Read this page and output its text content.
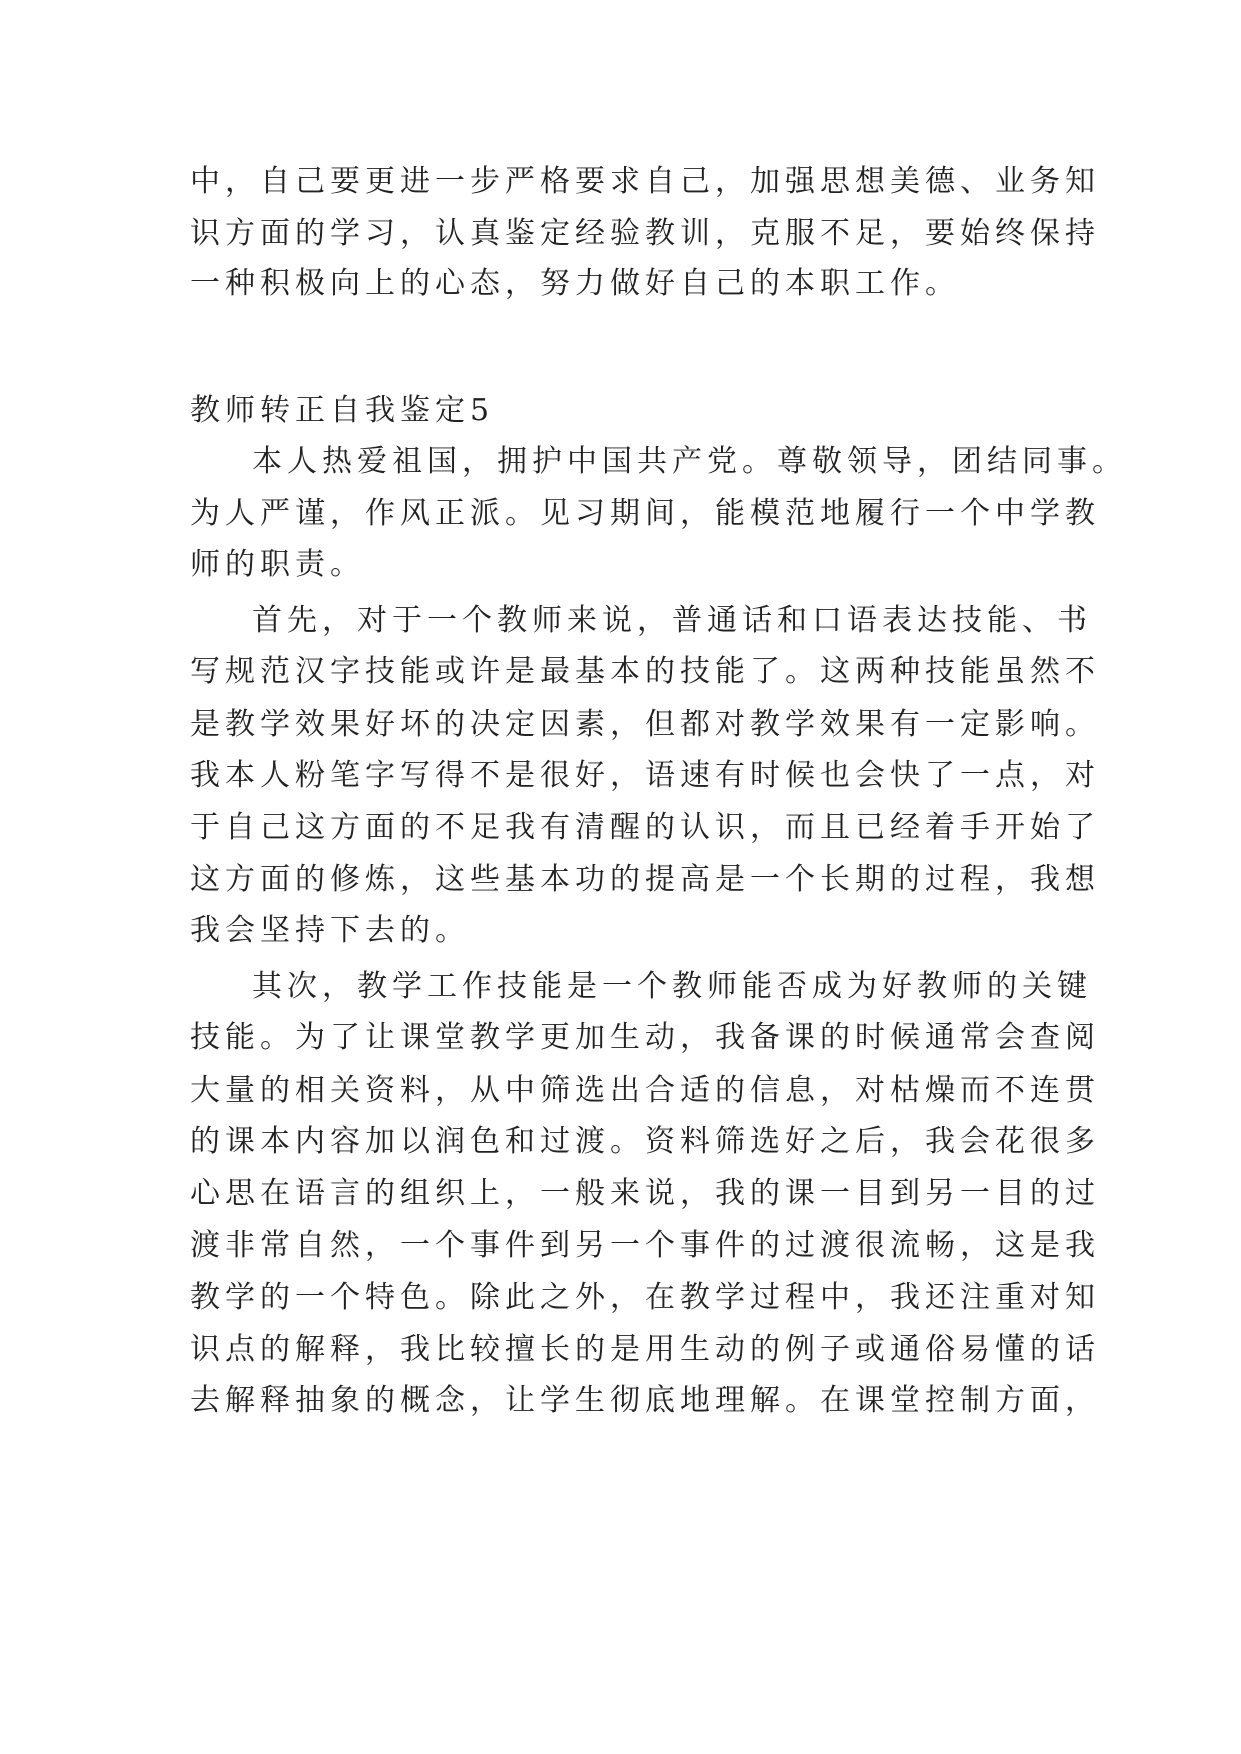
中，自己要更进一步严格要求自己，加强思想美德、业务知
识方面的学习，认真鉴定经验教训，克服不足，要始终保持
一种积极向上的心态，努力做好自己的本职工作。
教师转正自我鉴定5
本人热爱祖国，拥护中国共产党。尊敬领导，团结同事。
为人严谨，作风正派。见习期间，能模范地履行一个中学教
师的职责。
首先，对于一个教师来说，普通话和口语表达技能、书
写规范汉字技能或许是最基本的技能了。这两种技能虽然不
是教学效果好坏的决定因素，但都对教学效果有一定影响。
我本人粉笔字写得不是很好，语速有时候也会快了一点，对
于自己这方面的不足我有清醒的认识，而且已经着手开始了
这方面的修炼，这些基本功的提高是一个长期的过程，我想
我会坚持下去的。
其次，教学工作技能是一个教师能否成为好教师的关键
技能。为了让课堂教学更加生动，我备课的时候通常会查阅
大量的相关资料，从中筛选出合适的信息，对枯燥而不连贯
的课本内容加以润色和过渡。资料筛选好之后，我会花很多
心思在语言的组织上，一般来说，我的课一目到另一目的过
渡非常自然，一个事件到另一个事件的过渡很流畅，这是我
教学的一个特色。除此之外，在教学过程中，我还注重对知
识点的解释，我比较擅长的是用生动的例子或通俗易懂的话
去解释抽象的概念，让学生彻底地理解。在课堂控制方面，
